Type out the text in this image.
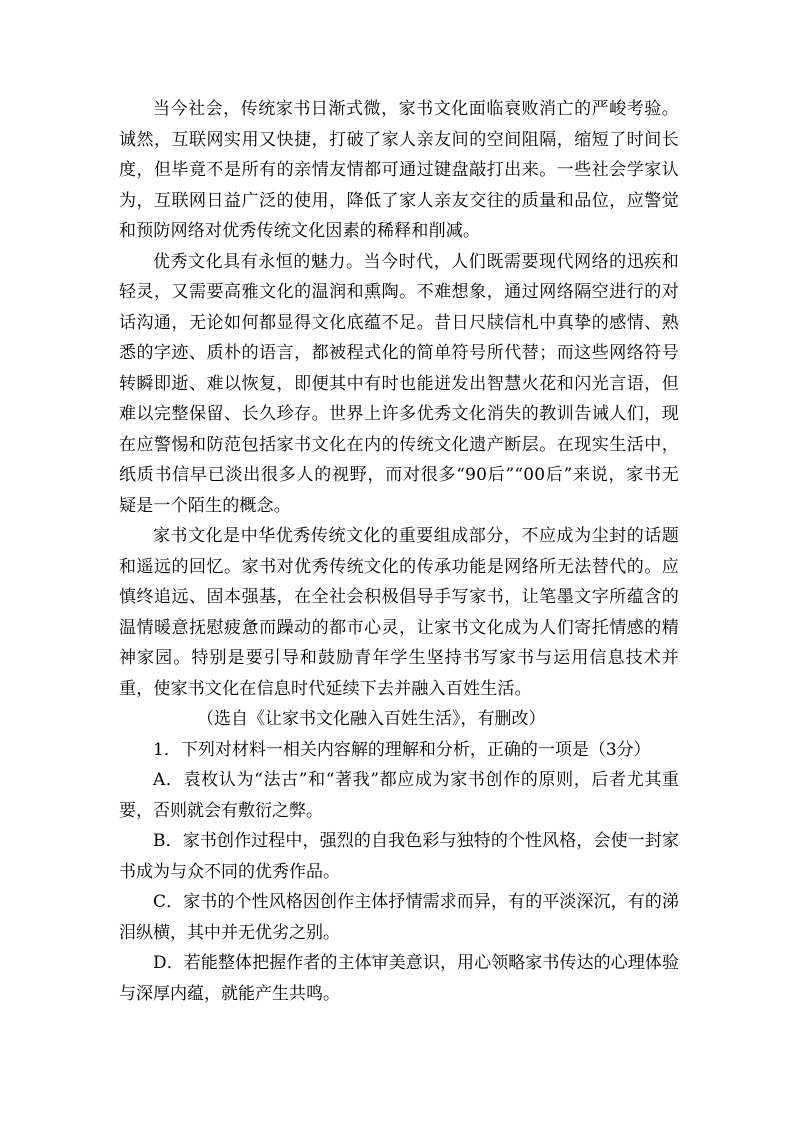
当今社会，传统家书日渐式微，家书文化面临衰败消亡的严峻考验。诚然，互联网实用又快捷，打破了家人亲友间的空间阻隔，缩短了时间长度，但毕竟不是所有的亲情友情都可通过键盘敲打出来。一些社会学家认为，互联网日益广泛的使用，降低了家人亲友交往的质量和品位，应警觉和预防网络对优秀传统文化因素的稀释和削减。

优秀文化具有永恒的魅力。当今时代，人们既需要现代网络的迅疾和轻灵，又需要高雅文化的温润和熏陶。不难想象，通过网络隔空进行的对话沟通，无论如何都显得文化底蕴不足。昔日尺牍信札中真挚的感情、熟悉的字迹、质朴的语言，都被程式化的简单符号所代替；而这些网络符号转瞬即逝、难以恢复，即便其中有时也能迸发出智慧火花和闪光言语，但难以完整保留、长久珍存。世界上许多优秀文化消失的教训告诫人们，现在应警惕和防范包括家书文化在内的传统文化遗产断层。在现实生活中，纸质书信早已淡出很多人的视野，而对很多“90后”“00后”来说，家书无疑是一个陌生的概念。

家书文化是中华优秀传统文化的重要组成部分，不应成为尘封的话题和遥远的回忆。家书对优秀传统文化的传承功能是网络所无法替代的。应慎终追远、固本强基，在全社会积极倡导手写家书，让笔墨文字所蕴含的温情暖意抚慰疲惫而躁动的都市心灵，让家书文化成为人们寄托情感的精神家园。特别是要引导和鼓励青年学生坚持书写家书与运用信息技术并重，使家书文化在信息时代延续下去并融入百姓生活。

（选自《让家书文化融入百姓生活》，有删改）

1．下列对材料一相关内容解的理解和分析，正确的一项是（3分）

A．袁枚认为“法古”和“著我”都应成为家书创作的原则，后者尤其重要，否则就会有敷衍之弊。

B．家书创作过程中，强烈的自我色彩与独特的个性风格，会使一封家书成为与众不同的优秀作品。

C．家书的个性风格因创作主体抒情需求而异，有的平淡深沉，有的涕泪纵横，其中并无优劣之别。

D．若能整体把握作者的主体审美意识，用心领略家书传达的心理体验与深厚内蕴，就能产生共鸣。
